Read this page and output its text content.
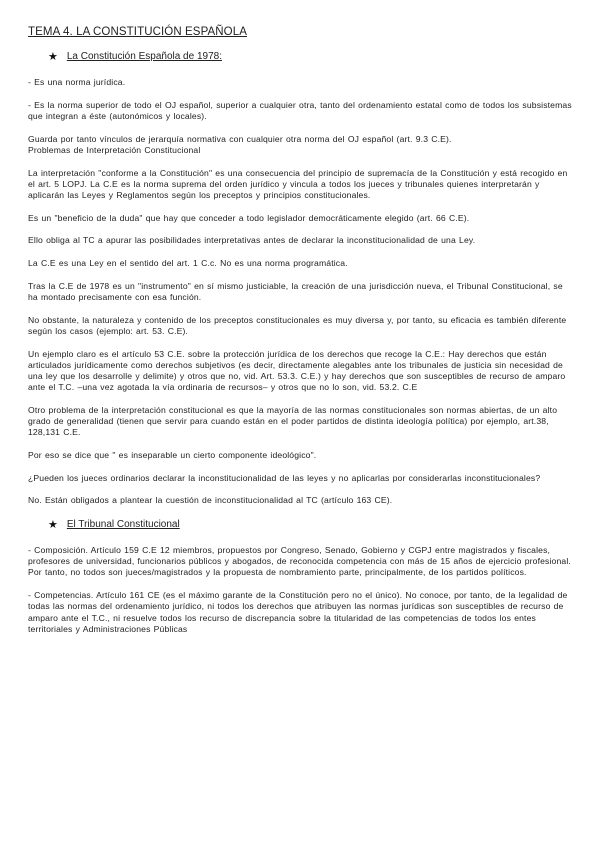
TEMA 4. LA CONSTITUCIÓN ESPAÑOLA
★ La Constitución Española de 1978:

- Es una norma jurídica.

- Es la norma superior de todo el OJ español, superior a cualquier otra, tanto del ordenamiento estatal como de todos los subsistemas que integran a éste (autonómicos y locales).

Guarda por tanto vínculos de jerarquía normativa con cualquier otra norma del OJ español (art. 9.3 C.E).

Problemas de Interpretación Constitucional

La interpretación "conforme a la Constitución" es una consecuencia del principio de supremacía de la Constitución y está recogido en el art. 5 LOPJ. La C.E es la norma suprema del orden jurídico y vincula a todos los jueces y tribunales quienes interpretarán y aplicarán las Leyes y Reglamentos según los preceptos y principios constitucionales.

Es un "beneficio de la duda" que hay que conceder a todo legislador democráticamente elegido (art. 66 C.E).

Ello obliga al TC a apurar las posibilidades interpretativas antes de declarar la inconstitucionalidad de una Ley.

La C.E es una Ley en el sentido del art. 1 C.c. No es una norma programática.

Tras la C.E de 1978 es un "instrumento" en sí mismo justiciable, la creación de una jurisdicción nueva, el Tribunal Constitucional, se ha montado precisamente con esa función.

No obstante, la naturaleza y contenido de los preceptos constitucionales es muy diversa y, por tanto, su eficacia es también diferente según los casos (ejemplo: art. 53. C.E).

Un ejemplo claro es el artículo 53 C.E. sobre la protección jurídica de los derechos que recoge la C.E.: Hay derechos que están articulados jurídicamente como derechos subjetivos (es decir, directamente alegables ante los tribunales de justicia sin necesidad de una ley que los desarrolle y delimite) y otros que no, vid. Art. 53.3. C.E.) y hay derechos que son susceptibles de recurso de amparo ante el T.C. –una vez agotada la vía ordinaria de recursos– y otros que no lo son, vid. 53.2. C.E

Otro problema de la interpretación constitucional es que la mayoría de las normas constitucionales son normas abiertas, de un alto grado de generalidad (tienen que servir para cuando están en el poder partidos de distinta ideología política) por ejemplo, art.38, 128,131 C.E.

Por eso se dice que " es inseparable un cierto componente ideológico".

¿Pueden los jueces ordinarios declarar la inconstitucionalidad de las leyes y no aplicarlas por considerarlas inconstitucionales?

No. Están obligados a plantear la cuestión de inconstitucionalidad al TC (artículo 163 CE).

★ El Tribunal Constitucional

- Composición. Artículo 159 C.E 12 miembros, propuestos por Congreso, Senado, Gobierno y CGPJ entre magistrados y fiscales, profesores de universidad, funcionarios públicos y abogados, de reconocida competencia con más de 15 años de ejercicio profesional. Por tanto, no todos son jueces/magistrados y la propuesta de nombramiento parte, principalmente, de los partidos políticos.

- Competencias. Artículo 161 CE (es el máximo garante de la Constitución pero no el único). No conoce, por tanto, de la legalidad de todas las normas del ordenamiento jurídico, ni todos los derechos que atribuyen las normas jurídicas son susceptibles de recurso de amparo ante el T.C., ni resuelve todos los recurso de discrepancia sobre la titularidad de las competencias de todos los entes territoriales y Administraciones Públicas
